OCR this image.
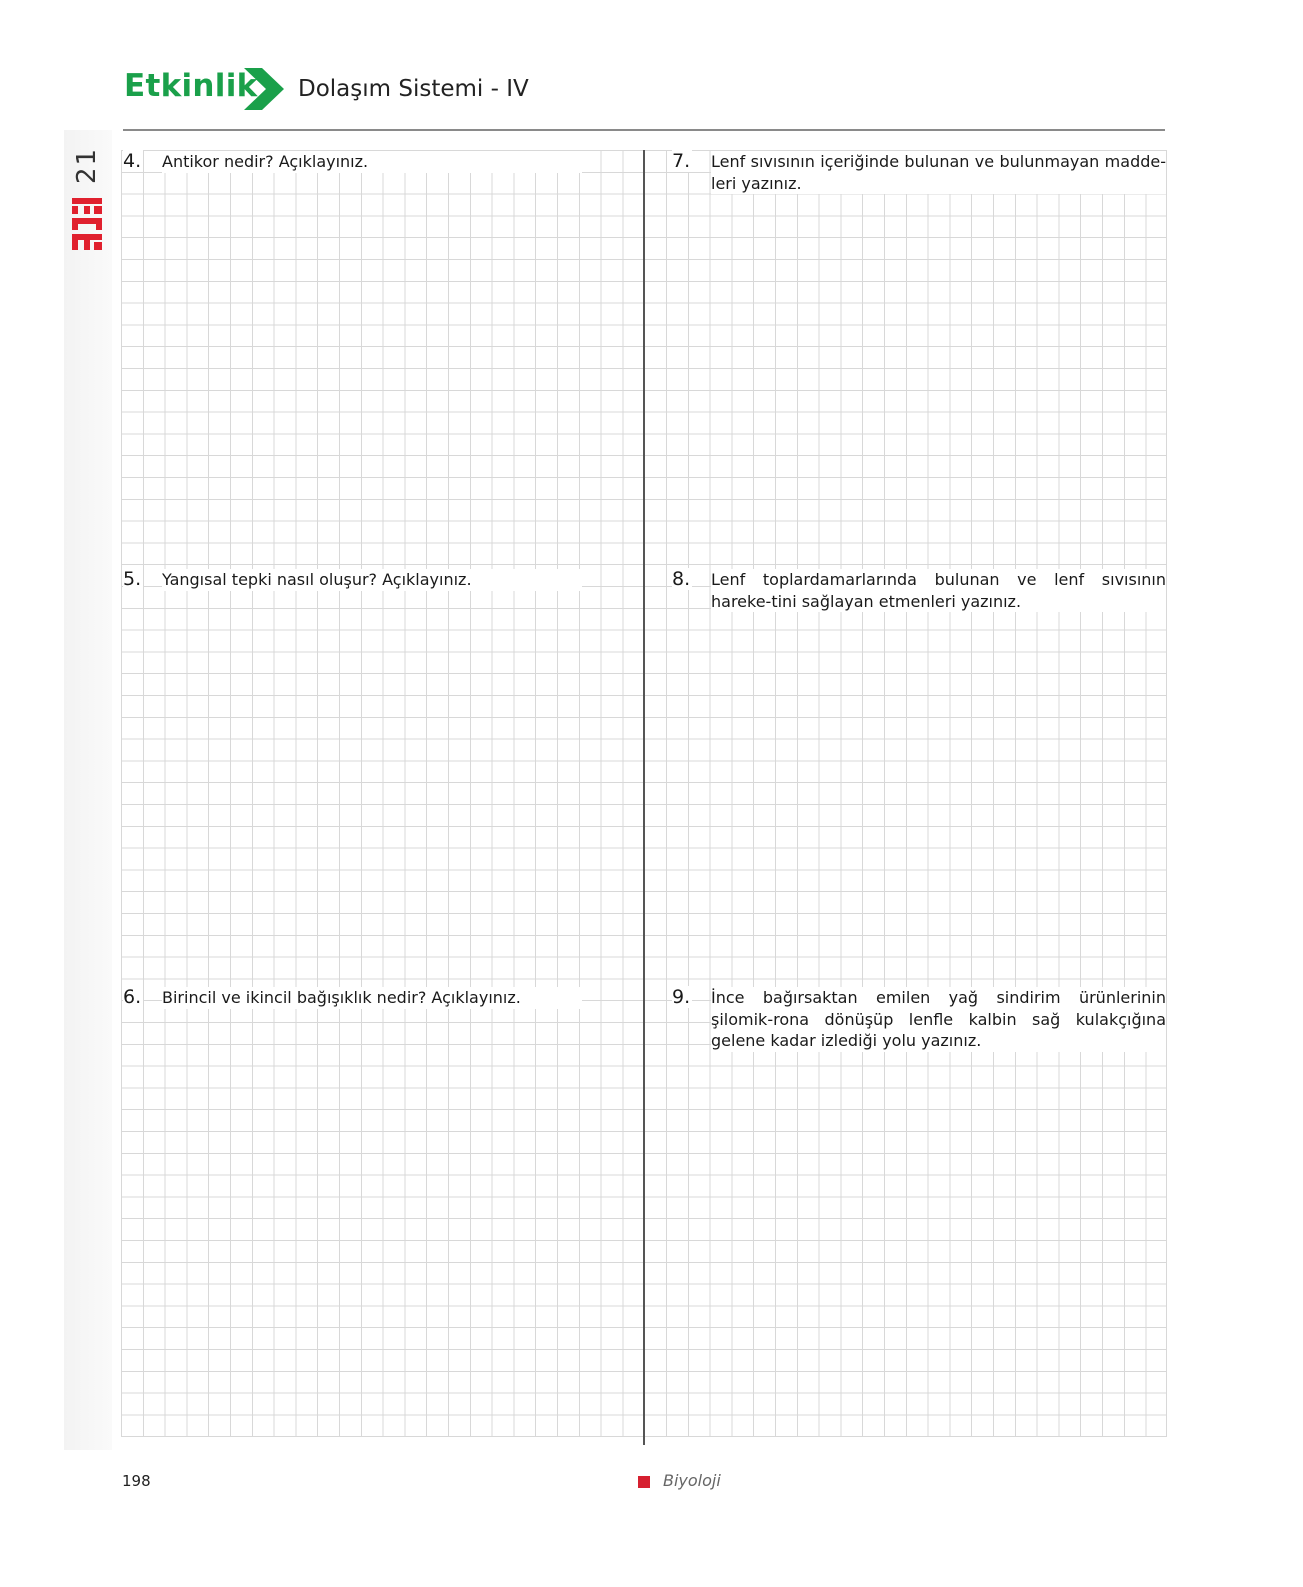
21
Etkinlik Dolaşım Sistemi - IV
4. Antikor nedir? Açıklayınız.
5. Yangısal tepki nasıl oluşur? Açıklayınız.
6. Birincil ve ikincil bağışıklık nedir? Açıklayınız.
7. Lenf sıvısının içeriğinde bulunan ve bulunmayan madde-leri yazınız.
8. Lenf toplardamarlarında bulunan ve lenf sıvısının hareke-tini sağlayan etmenleri yazınız.
9. İnce bağırsaktan emilen yağ sindirim ürünlerinin şilomik-rona dönüşüp lenfle kalbin sağ kulakçığına gelene kadar izlediği yolu yazınız.
198	Biyoloji
